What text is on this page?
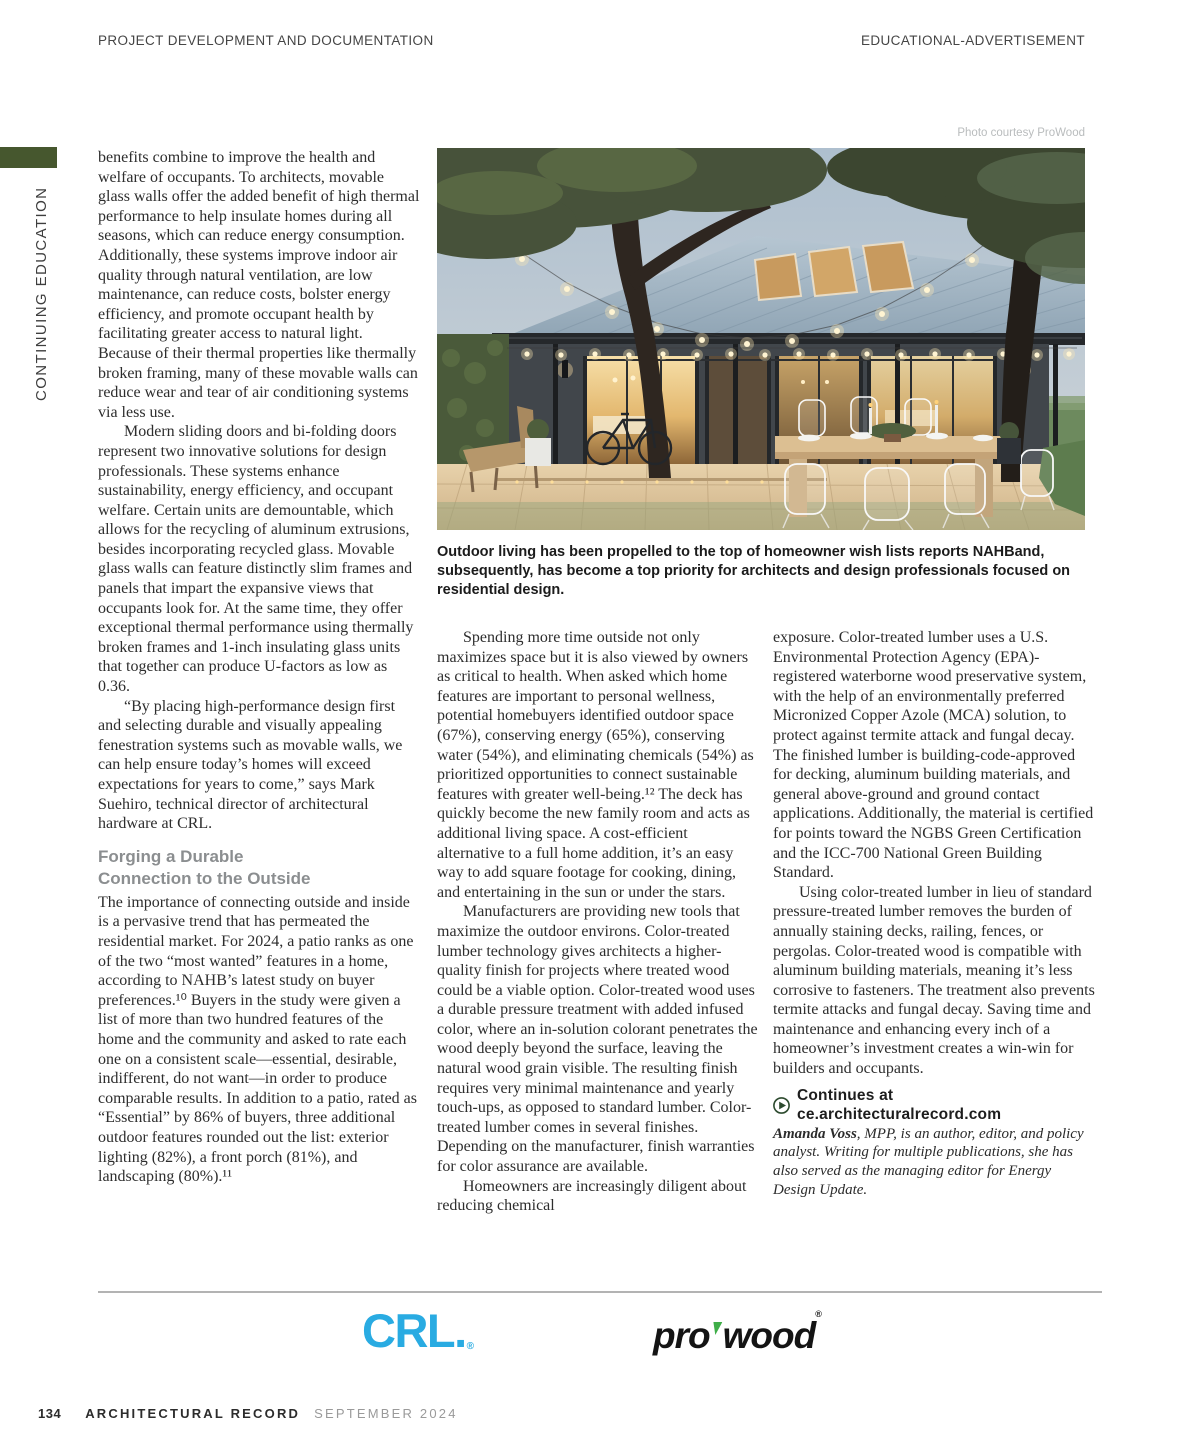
PROJECT DEVELOPMENT AND DOCUMENTATION	EDUCATIONAL-ADVERTISEMENT
CONTINUING EDUCATION
Photo courtesy ProWood
Outdoor living has been propelled to the top of homeowner wish lists reports NAHBand, subsequently, has become a top priority for architects and design professionals focused on residential design.

benefits combine to improve the health and welfare of occupants. To architects, movable glass walls offer the added benefit of high thermal performance to help insulate homes during all seasons, which can reduce energy consumption. Additionally, these systems improve indoor air quality through natural ventilation, are low maintenance, can reduce costs, bolster energy efficiency, and promote occupant health by facilitating greater access to natural light. Because of their thermal properties like thermally broken framing, many of these movable walls can reduce wear and tear of air conditioning systems via less use.

Modern sliding doors and bi-folding doors represent two innovative solutions for design professionals. These systems enhance sustainability, energy efficiency, and occupant welfare. Certain units are demountable, which allows for the recycling of aluminum extrusions, besides incorporating recycled glass. Movable glass walls can feature distinctly slim frames and panels that impart the expansive views that occupants look for. At the same time, they offer exceptional thermal performance using thermally broken frames and 1-inch insulating glass units that together can produce U-factors as low as 0.36.

“By placing high-performance design first and selecting durable and visually appealing fenestration systems such as movable walls, we can help ensure today’s homes will exceed expectations for years to come,” says Mark Suehiro, technical director of architectural hardware at CRL.

Forging a Durable
Connection to the Outside

The importance of connecting outside and inside is a pervasive trend that has permeated the residential market. For 2024, a patio ranks as one of the two “most wanted” features in a home, according to NAHB’s latest study on buyer preferences.¹⁰ Buyers in the study were given a list of more than two hundred features of the home and the community and asked to rate each one on a consistent scale—essential, desirable, indifferent, do not want—in order to produce comparable results. In addition to a patio, rated as “Essential” by 86% of buyers, three additional outdoor features rounded out the list: exterior lighting (82%), a front porch (81%), and landscaping (80%).¹¹

Spending more time outside not only maximizes space but it is also viewed by owners as critical to health. When asked which home features are important to personal wellness, potential homebuyers identified outdoor space (67%), conserving energy (65%), conserving water (54%), and eliminating chemicals (54%) as prioritized opportunities to connect sustainable features with greater well-being.¹² The deck has quickly become the new family room and acts as additional living space. A cost-efficient alternative to a full home addition, it’s an easy way to add square footage for cooking, dining, and entertaining in the sun or under the stars.

Manufacturers are providing new tools that maximize the outdoor environs. Color-treated lumber technology gives architects a higher-quality finish for projects where treated wood could be a viable option. Color-treated wood uses a durable pressure treatment with added infused color, where an in-solution colorant penetrates the wood deeply beyond the surface, leaving the natural wood grain visible. The resulting finish requires very minimal maintenance and yearly touch-ups, as opposed to standard lumber. Color-treated lumber comes in several finishes. Depending on the manufacturer, finish warranties for color assurance are available.

Homeowners are increasingly diligent about reducing chemical

exposure. Color-treated lumber uses a U.S. Environmental Protection Agency (EPA)-registered waterborne wood preservative system, with the help of an environmentally preferred Micronized Copper Azole (MCA) solution, to protect against termite attack and fungal decay. The finished lumber is building-code-approved for decking, aluminum building materials, and general above-ground and ground contact applications. Additionally, the material is certified for points toward the NGBS Green Certification and the ICC-700 National Green Building Standard.

Using color-treated lumber in lieu of standard pressure-treated lumber removes the burden of annually staining decks, railing, fences, or pergolas. Color-treated wood is compatible with aluminum building materials, meaning it’s less corrosive to fasteners. The treatment also prevents termite attacks and fungal decay. Saving time and maintenance and enhancing every inch of a homeowner’s investment creates a win-win for builders and occupants.

Continues at ce.architecturalrecord.com

Amanda Voss, MPP, is an author, editor, and policy analyst. Writing for multiple publications, she has also served as the managing editor for Energy Design Update.

CRL.®	pro wood®
134 ARCHITECTURAL RECORD SEPTEMBER 2024
